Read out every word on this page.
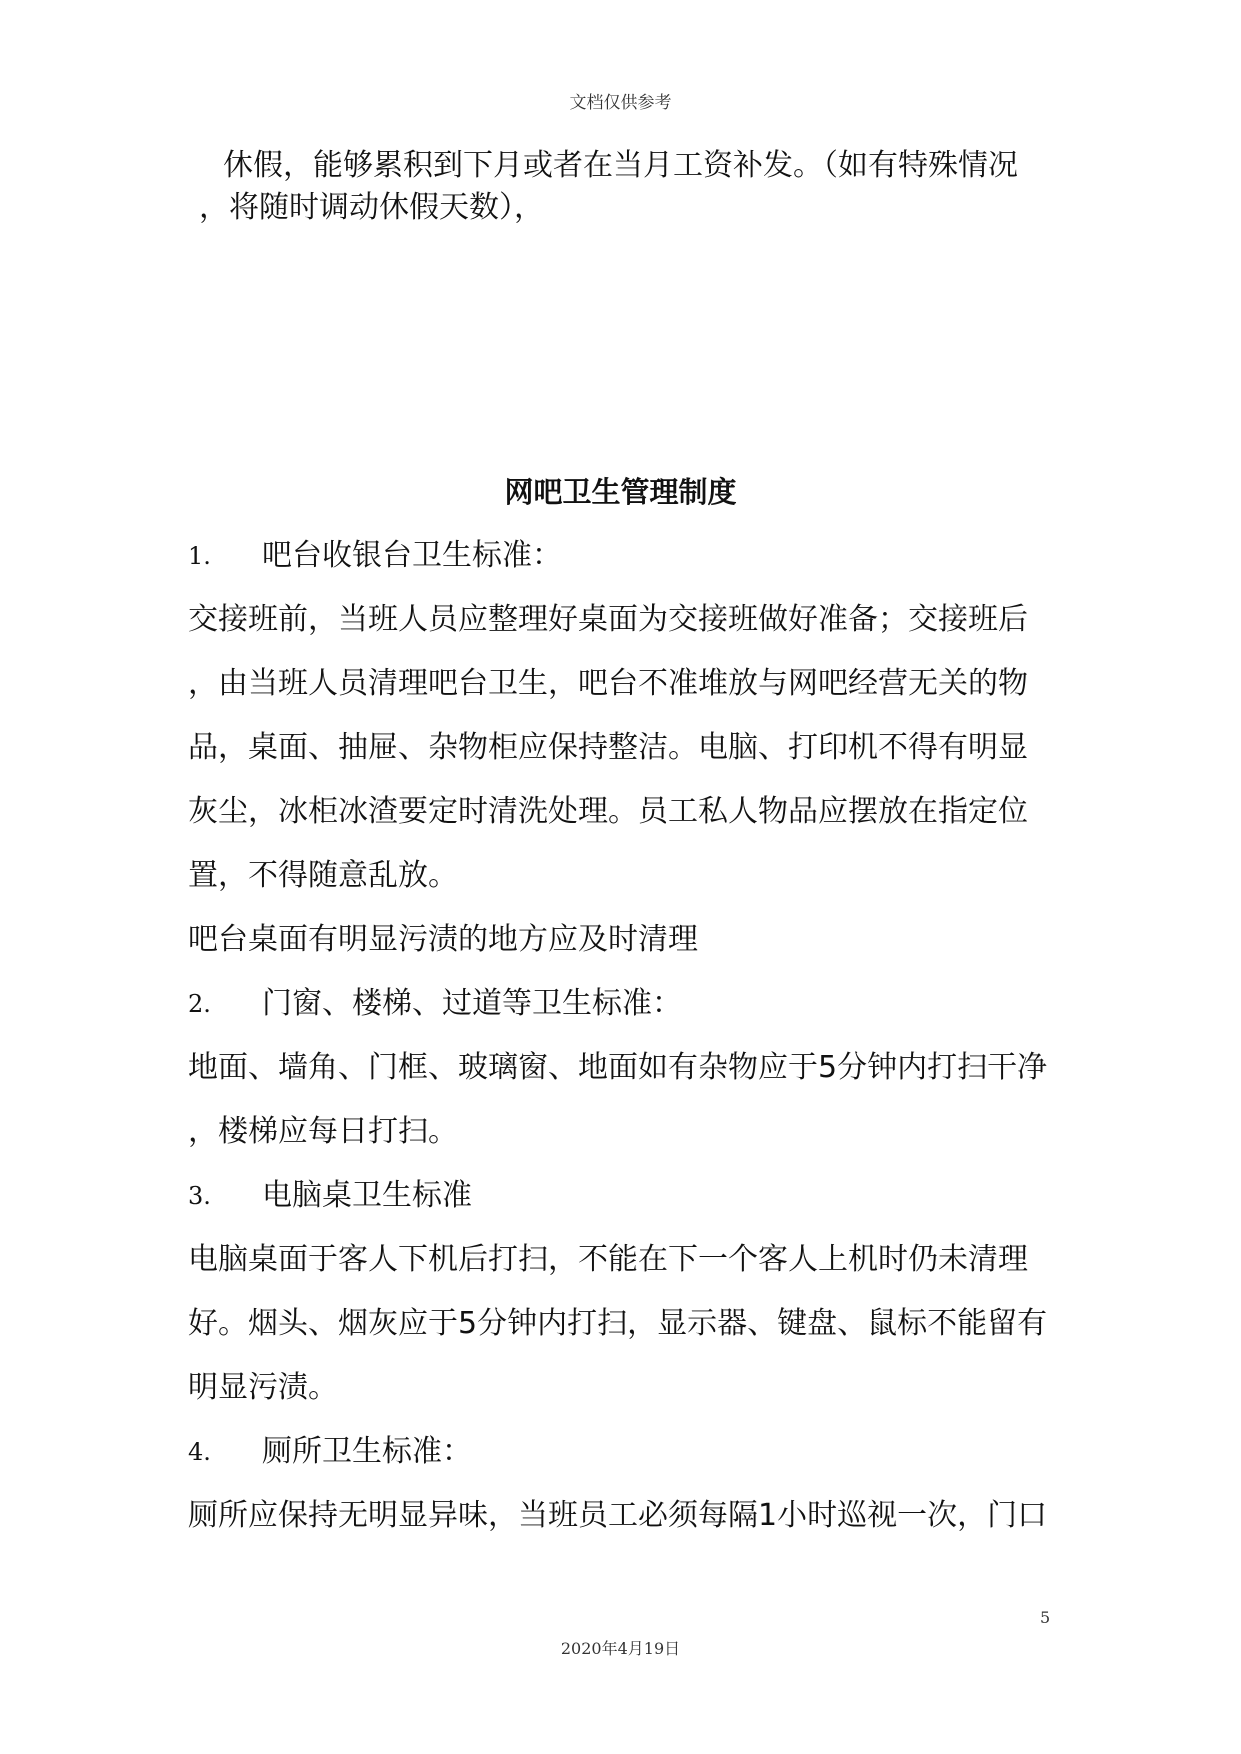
文档仅供参考
休假，能够累积到下月或者在当月工资补发。（如有特殊情况
，将随时调动休假天数），
网吧卫生管理制度
1. 吧台收银台卫生标准：
交接班前，当班人员应整理好桌面为交接班做好准备；交接班后
，由当班人员清理吧台卫生，吧台不准堆放与网吧经营无关的物
品，桌面、抽屉、杂物柜应保持整洁。电脑、打印机不得有明显
灰尘，冰柜冰渣要定时清洗处理。员工私人物品应摆放在指定位
置，不得随意乱放。
吧台桌面有明显污渍的地方应及时清理
2. 门窗、楼梯、过道等卫生标准：
地面、墙角、门框、玻璃窗、地面如有杂物应于5分钟内打扫干净
，楼梯应每日打扫。
3. 电脑桌卫生标准
电脑桌面于客人下机后打扫，不能在下一个客人上机时仍未清理
好。烟头、烟灰应于5分钟内打扫，显示器、键盘、鼠标不能留有
明显污渍。
4. 厕所卫生标准：
厕所应保持无明显异味，当班员工必须每隔1小时巡视一次，门口
5
2020年4月19日
